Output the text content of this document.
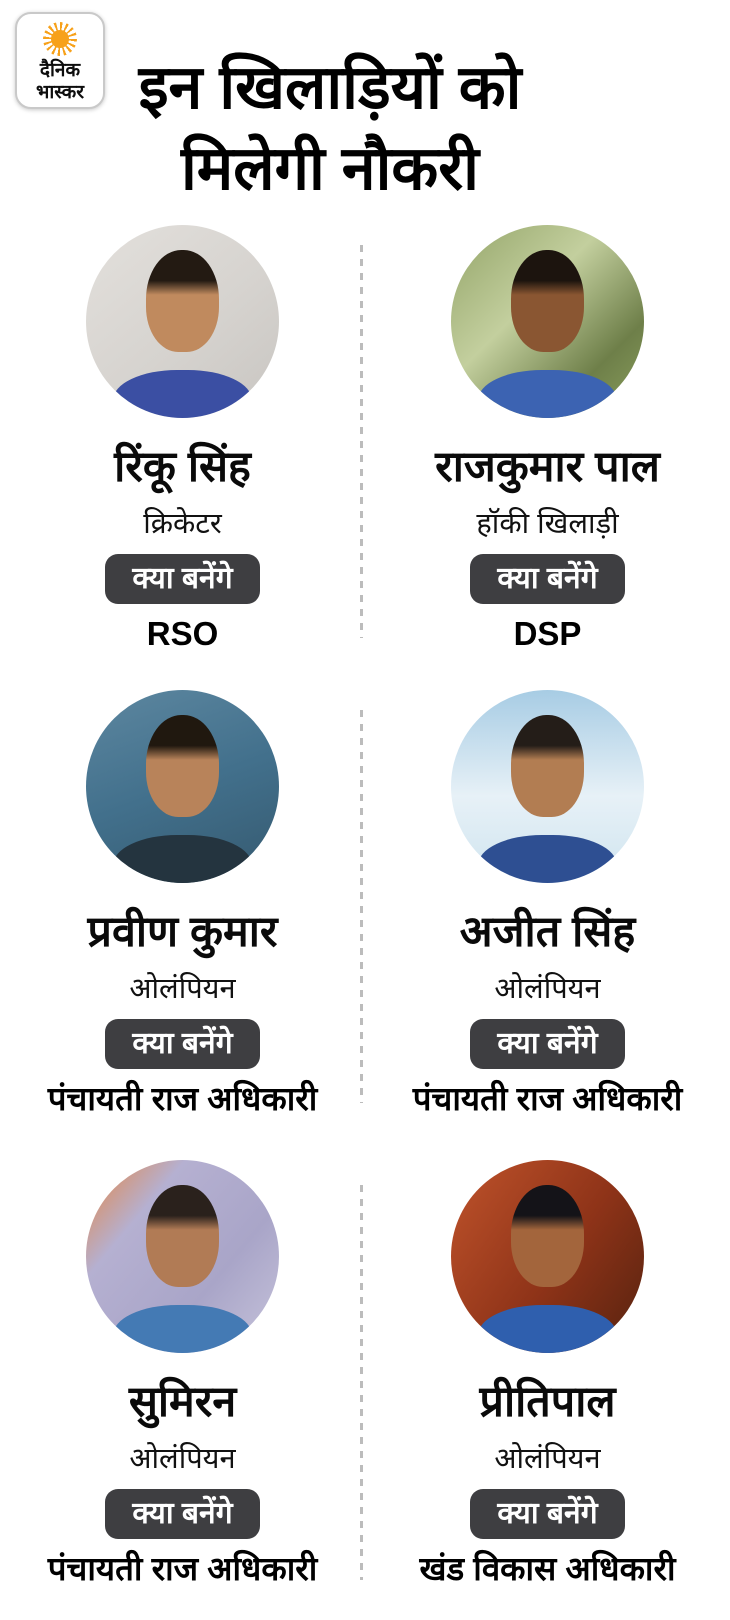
दैनिक
भास्कर इन खिलाड़ियों को
मिलेगी नौकरी
रिंकू सिंह
क्रिकेटर
क्या बनेंगे
RSO
राजकुमार पाल
हॉकी खिलाड़ी
क्या बनेंगे
DSP
प्रवीण कुमार
ओलंपियन
क्या बनेंगे
पंचायती राज अधिकारी
अजीत सिंह
ओलंपियन
क्या बनेंगे
पंचायती राज अधिकारी
सुमिरन
ओलंपियन
क्या बनेंगे
पंचायती राज अधिकारी
प्रीतिपाल
ओलंपियन
क्या बनेंगे
खंड विकास अधिकारी
